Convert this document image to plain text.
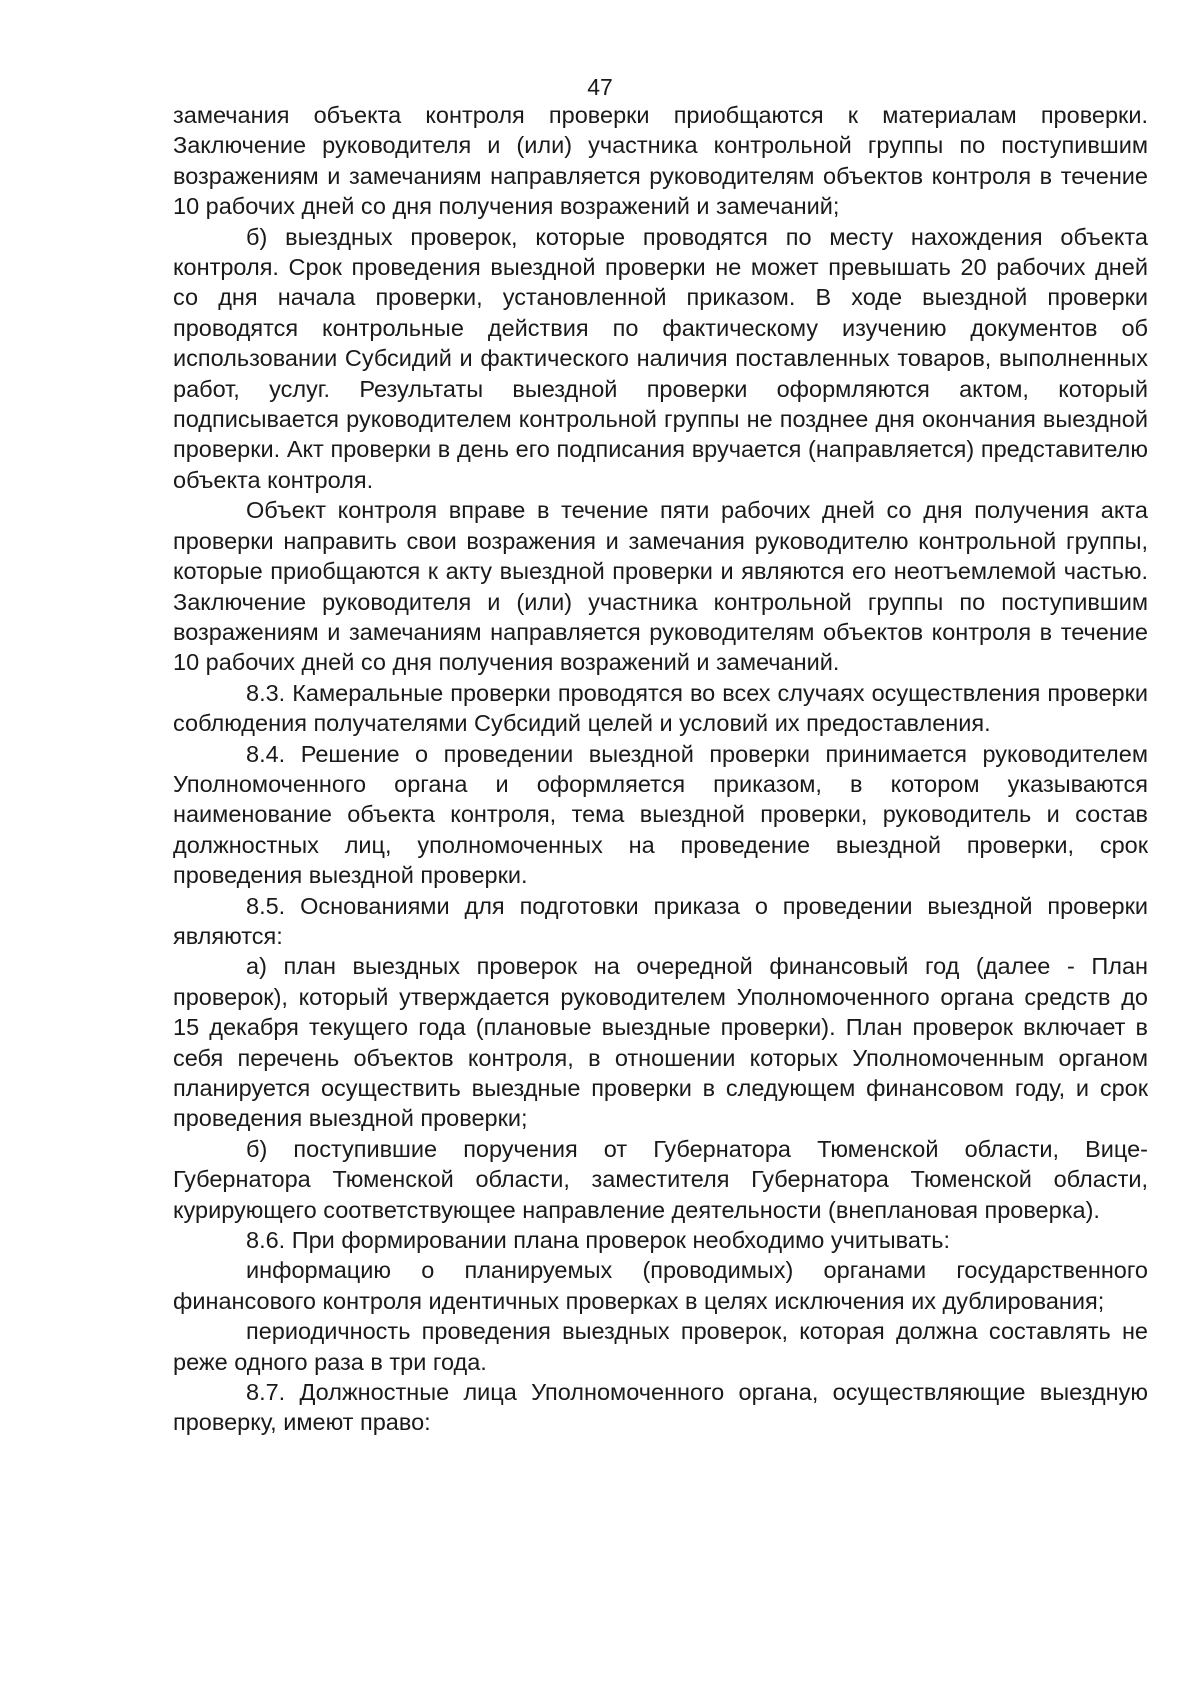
47

замечания объекта контроля проверки приобщаются к материалам проверки. Заключение руководителя и (или) участника контрольной группы по поступившим возражениям и замечаниям направляется руководителям объектов контроля в течение 10 рабочих дней со дня получения возражений и замечаний;

б) выездных проверок, которые проводятся по месту нахождения объекта контроля. Срок проведения выездной проверки не может превышать 20 рабочих дней со дня начала проверки, установленной приказом. В ходе выездной проверки проводятся контрольные действия по фактическому изучению документов об использовании Субсидий и фактического наличия поставленных товаров, выполненных работ, услуг. Результаты выездной проверки оформляются актом, который подписывается руководителем контрольной группы не позднее дня окончания выездной проверки. Акт проверки в день его подписания вручается (направляется) представителю объекта контроля.

Объект контроля вправе в течение пяти рабочих дней со дня получения акта проверки направить свои возражения и замечания руководителю контрольной группы, которые приобщаются к акту выездной проверки и являются его неотъемлемой частью. Заключение руководителя и (или) участника контрольной группы по поступившим возражениям и замечаниям направляется руководителям объектов контроля в течение 10 рабочих дней со дня получения возражений и замечаний.

8.3. Камеральные проверки проводятся во всех случаях осуществления проверки соблюдения получателями Субсидий целей и условий их предоставления.

8.4. Решение о проведении выездной проверки принимается руководителем Уполномоченного органа и оформляется приказом, в котором указываются наименование объекта контроля, тема выездной проверки, руководитель и состав должностных лиц, уполномоченных на проведение выездной проверки, срок проведения выездной проверки.

8.5. Основаниями для подготовки приказа о проведении выездной проверки являются:

а) план выездных проверок на очередной финансовый год (далее - План проверок), который утверждается руководителем Уполномоченного органа средств до 15 декабря текущего года (плановые выездные проверки). План проверок включает в себя перечень объектов контроля, в отношении которых Уполномоченным органом планируется осуществить выездные проверки в следующем финансовом году, и срок проведения выездной проверки;

б) поступившие поручения от Губернатора Тюменской области, Вице-Губернатора Тюменской области, заместителя Губернатора Тюменской области, курирующего соответствующее направление деятельности (внеплановая проверка).

8.6. При формировании плана проверок необходимо учитывать:

информацию о планируемых (проводимых) органами государственного финансового контроля идентичных проверках в целях исключения их дублирования;

периодичность проведения выездных проверок, которая должна составлять не реже одного раза в три года.

8.7. Должностные лица Уполномоченного органа, осуществляющие выездную проверку, имеют право:
